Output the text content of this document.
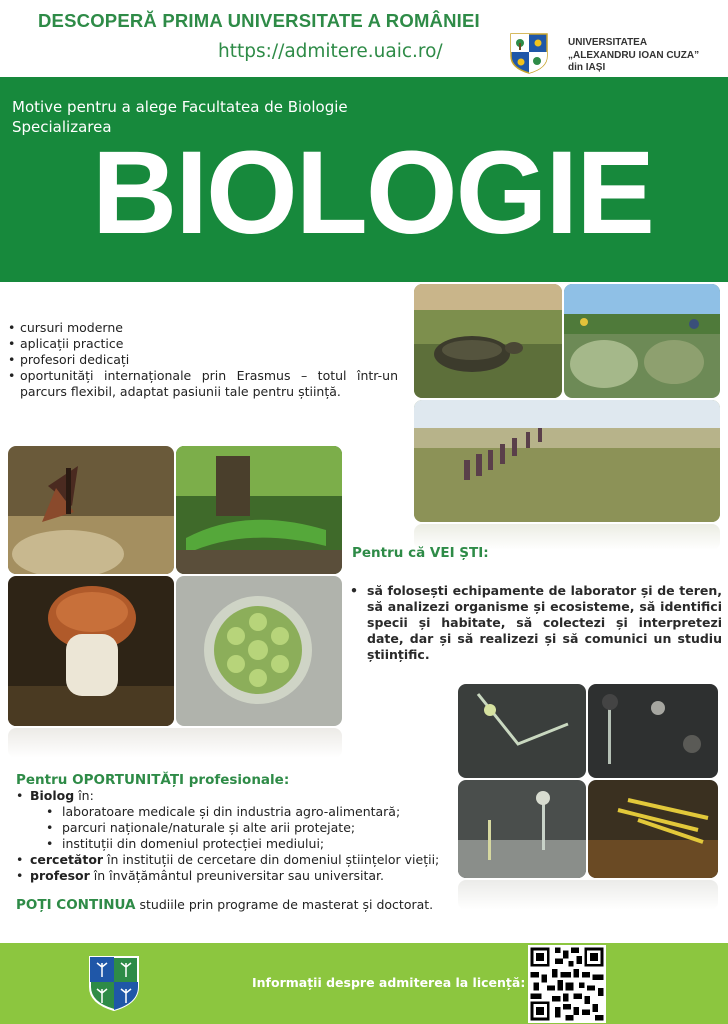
DESCOPERĂ PRIMA UNIVERSITATE A ROMÂNIEI
https://admitere.uaic.ro/	UNIVERSITATEA
„ALEXANDRU IOAN CUZA”
din IAȘI
Motive pentru a alege Facultatea de Biologie
Specializarea
BIOLOGIE
• cursuri moderne
• aplicații practice
• profesori dedicați
• oportunități internaționale prin Erasmus – totul într-un parcurs flexibil, adaptat pasiunii tale pentru știință.
Pentru că VEI ȘTI:
• să folosești echipamente de laborator și de teren, să analizezi organisme și ecosisteme, să identifici specii și habitate, să colectezi și interpretezi date, dar și să realizezi și să comunici un studiu științific.
Pentru OPORTUNITĂȚI profesionale:
• Biolog în:
• laboratoare medicale și din industria agro-alimentară;
• parcuri naționale/naturale și alte arii protejate;
• instituții din domeniul protecției mediului;
• cercetător în instituții de cercetare din domeniul științelor vieții;
• profesor în învățământul preuniversitar sau universitar.
POȚI CONTINUA studiile prin programe de masterat și doctorat.
Informații despre admiterea la licență:
